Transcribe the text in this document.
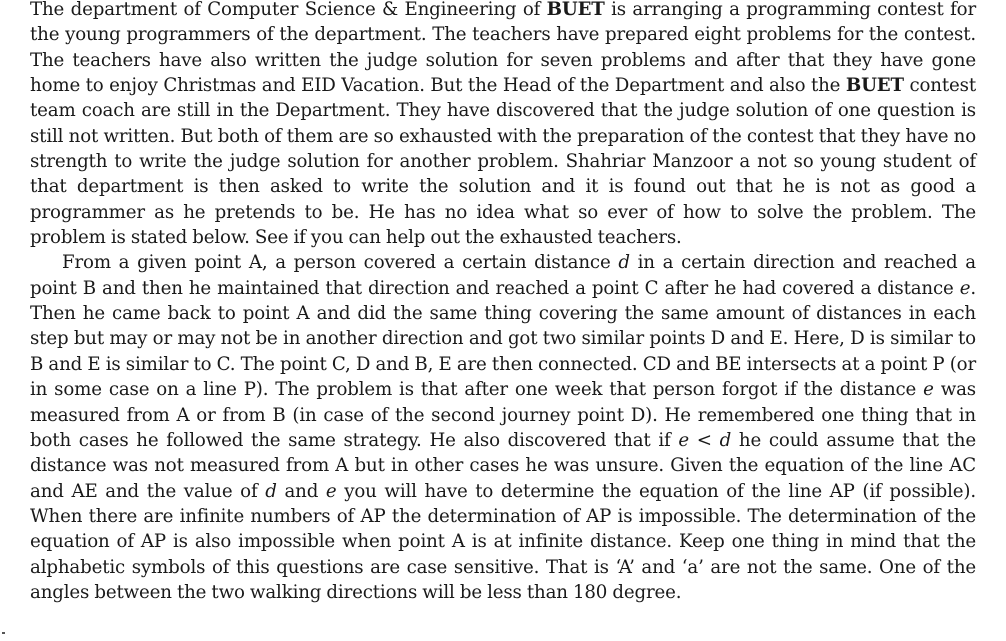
The department of Computer Science & Engineering of BUET is arranging a programming contest for the young programmers of the department. The teachers have prepared eight problems for the contest. The teachers have also written the judge solution for seven problems and after that they have gone home to enjoy Christmas and EID Vacation. But the Head of the Department and also the BUET contest team coach are still in the Department. They have discovered that the judge solution of one question is still not written. But both of them are so exhausted with the preparation of the contest that they have no strength to write the judge solution for another problem. Shahriar Manzoor a not so young student of that department is then asked to write the solution and it is found out that he is not as good a programmer as he pretends to be. He has no idea what so ever of how to solve the problem. The problem is stated below. See if you can help out the exhausted teachers.

From a given point A, a person covered a certain distance d in a certain direction and reached a point B and then he maintained that direction and reached a point C after he had covered a distance e. Then he came back to point A and did the same thing covering the same amount of distances in each step but may or may not be in another direction and got two similar points D and E. Here, D is similar to B and E is similar to C. The point C, D and B, E are then connected. CD and BE intersects at a point P (or in some case on a line P). The problem is that after one week that person forgot if the distance e was measured from A or from B (in case of the second journey point D). He remembered one thing that in both cases he followed the same strategy. He also discovered that if e < d he could assume that the distance was not measured from A but in other cases he was unsure. Given the equation of the line AC and AE and the value of d and e you will have to determine the equation of the line AP (if possible). When there are infinite numbers of AP the determination of AP is impossible. The determination of the equation of AP is also impossible when point A is at infinite distance. Keep one thing in mind that the alphabetic symbols of this questions are case sensitive. That is ‘A’ and ‘a’ are not the same. One of the angles between the two walking directions will be less than 180 degree.
